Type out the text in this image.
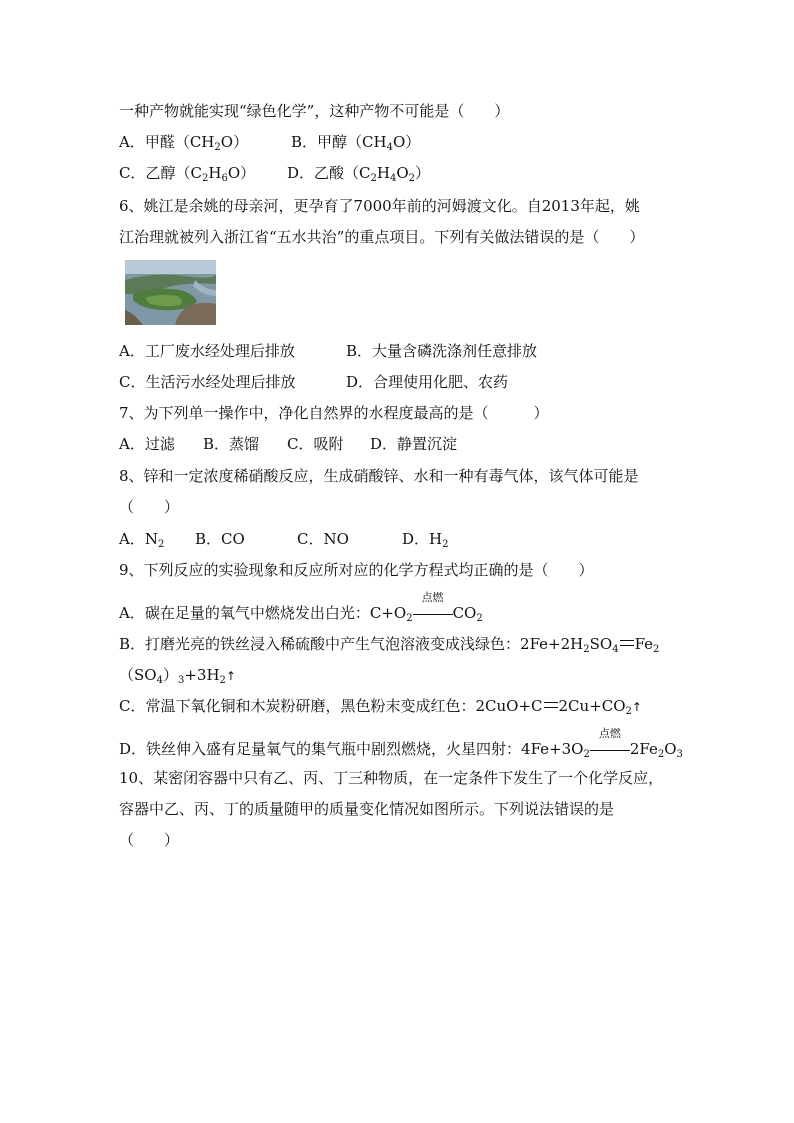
一种产物就能实现“绿色化学”，这种产物不可能是（　　）
A．甲醛$(CH_2O)$	B．甲醇$(CH_4O)$
C．乙醇$(C_2H_6O)$ D．乙酸$(C_2H_4O_2)$
6、姚江是余姚的母亲河，更孕育了7000年前的河姆渡文化。自2013年起，姚
江治理就被列入浙江省“五水共治”的重点项目。下列有关做法错误的是（　　）
A．工厂废水经处理后排放	B．大量含磷洗涤剂任意排放
C．生活污水经处理后排放	D．合理使用化肥、农药
7、为下列单一操作中，净化自然界的水程度最高的是（　　　）
A．过滤 B．蒸馏 C．吸附 D．静置沉淀
8、锌和一定浓度稀硝酸反应，生成硝酸锌、水和一种有毒气体，该气体可能是
（　　）
A．$N_2$ B．CO	C．NO	D．$H_2$
9、下列反应的实验现象和反应所对应的化学方程式均正确的是（　　）
A．碳在足量的氧气中燃烧发出白光：$C+O_2$
点燃
$CO_2$
B．打磨光亮的铁丝浸入稀硫酸中产生气泡溶液变成浅绿色：$2Fe+2H_2SO_4$ $Fe_2$
$(SO_4)_3+3H_2↑$
C．常温下氧化铜和木炭粉研磨，黑色粉末变成红色：2CuO+C $2Cu+CO_2↑$
D．铁丝伸入盛有足量氧气的集气瓶中剧烈燃烧，火星四射：$4Fe+3O_2$
点燃
$2Fe_2O_3$
10、某密闭容器中只有乙、丙、丁三种物质，在一定条件下发生了一个化学反应，
容器中乙、丙、丁的质量随甲的质量变化情况如图所示。下列说法错误的是
（　　）
